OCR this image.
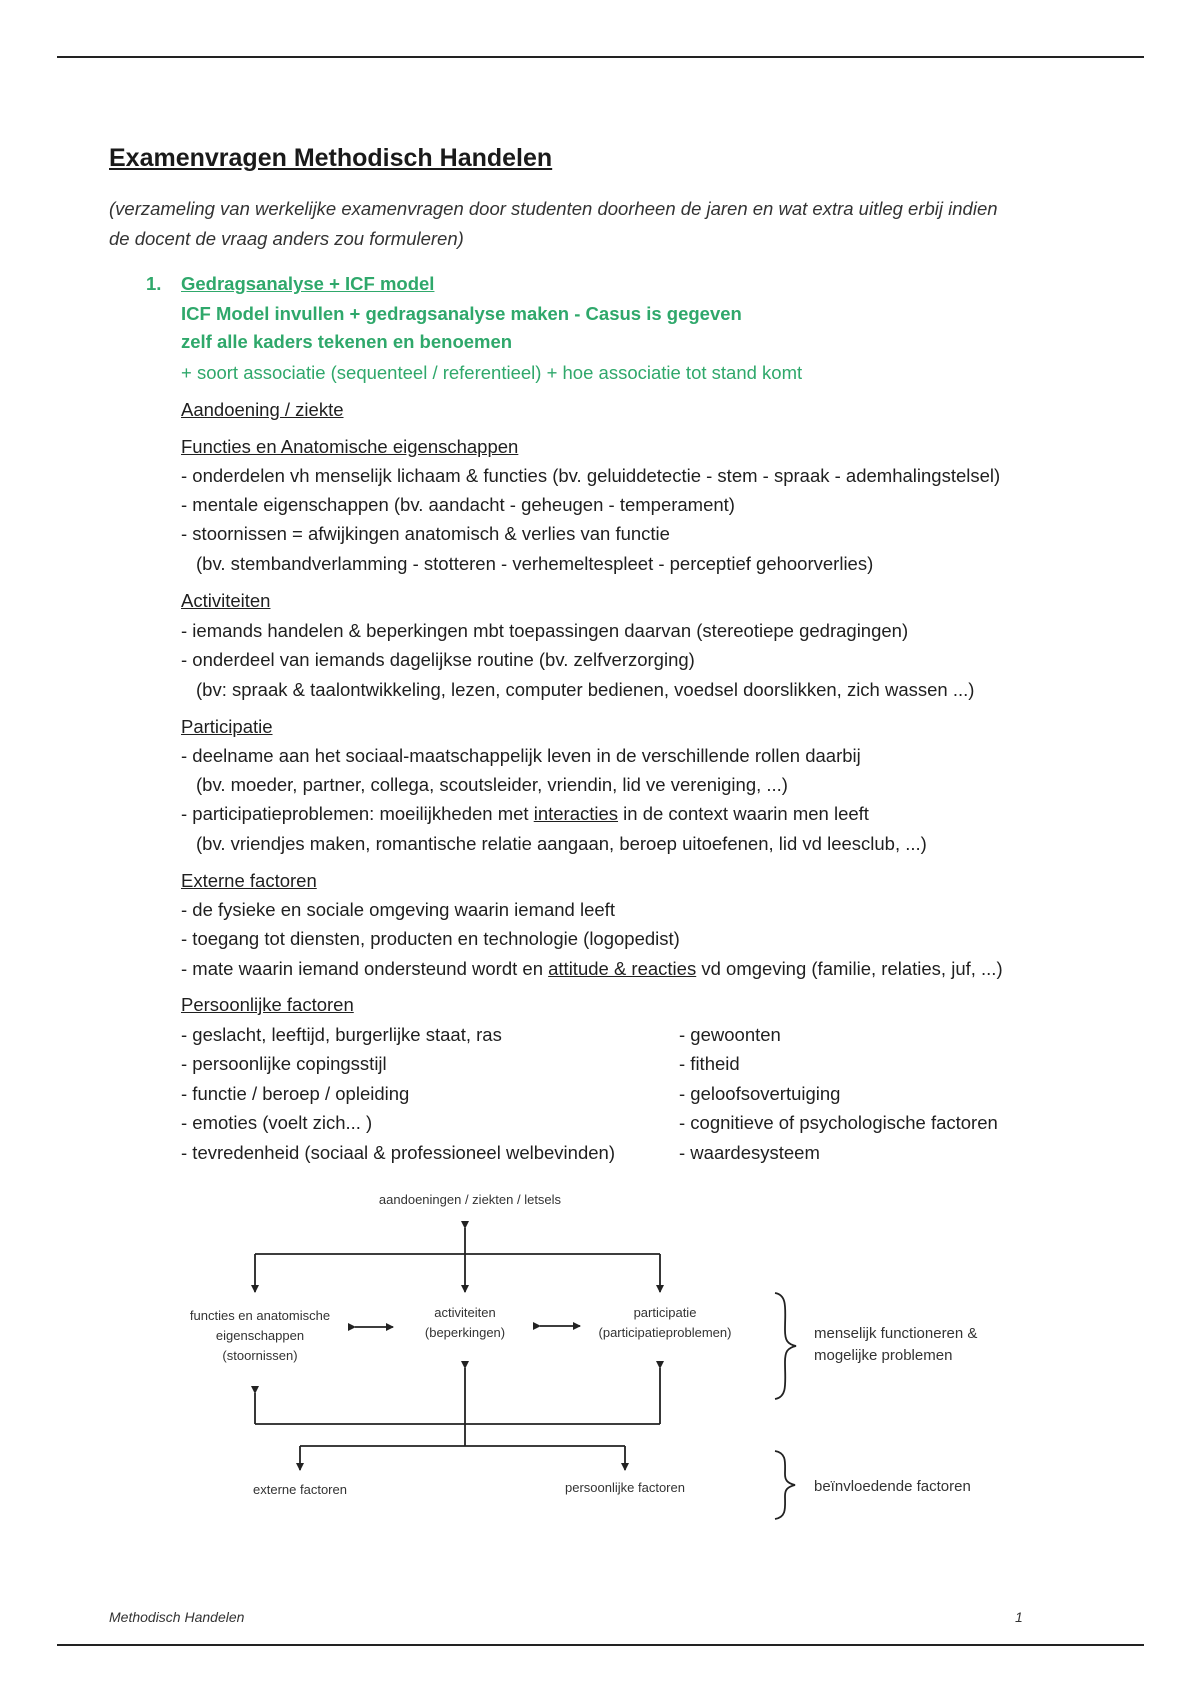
Examenvragen Methodisch Handelen
(verzameling van werkelijke examenvragen door studenten doorheen de jaren en wat extra uitleg erbij indien
de docent de vraag anders zou formuleren)
1. Gedragsanalyse + ICF model
ICF Model invullen + gedragsanalyse maken - Casus is gegeven
zelf alle kaders tekenen en benoemen
+ soort associatie (sequenteel / referentieel) + hoe associatie tot stand komt
Aandoening / ziekte
Functies en Anatomische eigenschappen
- onderdelen vh menselijk lichaam & functies (bv. geluiddetectie - stem - spraak - ademhalingstelsel)
- mentale eigenschappen (bv. aandacht - geheugen - temperament)
- stoornissen = afwijkingen anatomisch & verlies van functie
(bv. stembandverlamming - stotteren - verhemeltespleet - perceptief gehoorverlies)
Activiteiten
- iemands handelen & beperkingen mbt toepassingen daarvan (stereotiepe gedragingen)
- onderdeel van iemands dagelijkse routine (bv. zelfverzorging)
(bv: spraak & taalontwikkeling, lezen, computer bedienen, voedsel doorslikken, zich wassen ...)
Participatie
- deelname aan het sociaal-maatschappelijk leven in de verschillende rollen daarbij
(bv. moeder, partner, collega, scoutsleider, vriendin, lid ve vereniging, ...)
- participatieproblemen: moeilijkheden met interacties in de context waarin men leeft
(bv. vriendjes maken, romantische relatie aangaan, beroep uitoefenen, lid vd leesclub, ...)
Externe factoren
- de fysieke en sociale omgeving waarin iemand leeft
- toegang tot diensten, producten en technologie (logopedist)
- mate waarin iemand ondersteund wordt en attitude & reacties vd omgeving (familie, relaties, juf, ...)
Persoonlijke factoren
- geslacht, leeftijd, burgerlijke staat, ras
- persoonlijke copingsstijl
- functie / beroep / opleiding
- emoties (voelt zich... )
- tevredenheid (sociaal & professioneel welbevinden)
- gewoonten
- fitheid
- geloofsovertuiging
- cognitieve of psychologische factoren
- waardesysteem
aandoeningen / ziekten / letsels
functies en anatomische
eigenschappen
(stoornissen)
activiteiten
(beperkingen)
participatie
(participatieproblemen)
externe factoren	persoonlijke factoren
menselijk functioneren &
mogelijke problemen
beïnvloedende factoren
Methodisch Handelen	1
